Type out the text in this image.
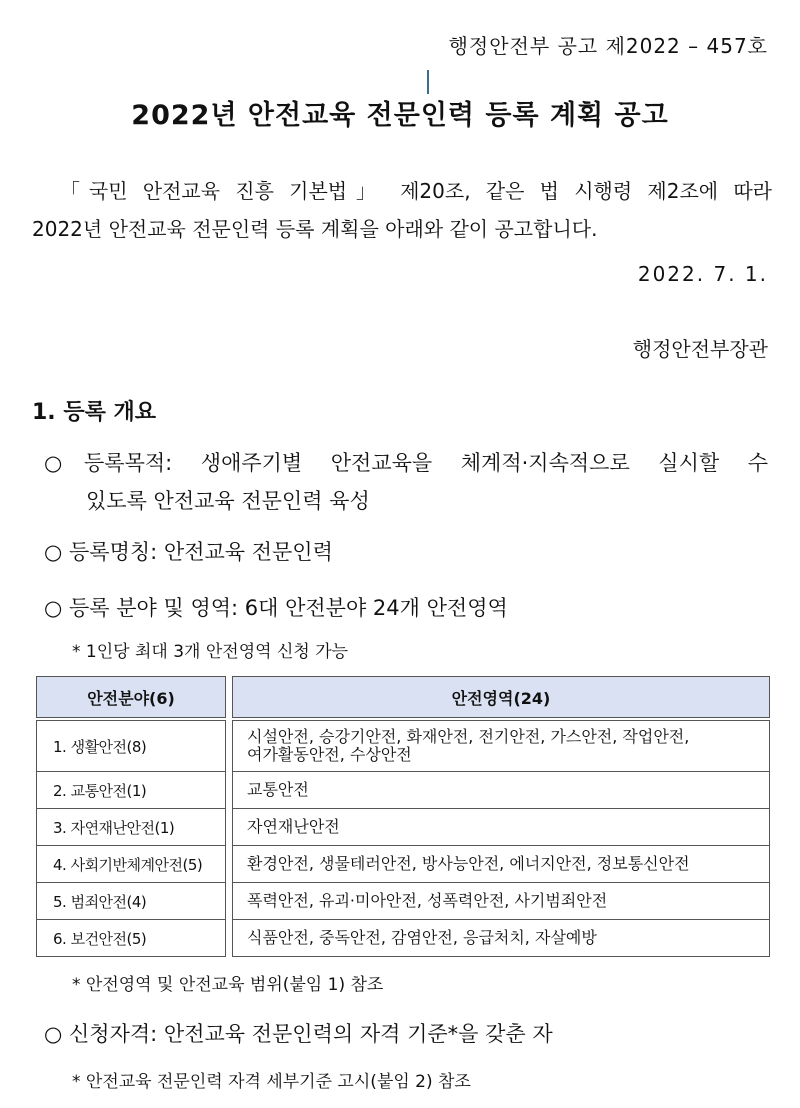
행정안전부 공고 제2022 – 457호
2022년 안전교육 전문인력 등록 계획 공고
「국민 안전교육 진흥 기본법」 제20조, 같은 법 시행령 제2조에 따라
2022년 안전교육 전문인력 등록 계획을 아래와 같이 공고합니다.
2022. 7. 1.
행정안전부장관
1. 등록 개요
○	등록목적: 생애주기별 안전교육을 체계적·지속적으로 실시할 수
있도록 안전교육 전문인력 육성
○ 등록명칭: 안전교육 전문인력
○ 등록 분야 및 영역: 6대 안전분야 24개 안전영역
* 1인당 최대 3개 안전영역 신청 가능
안전분야(6)	안전영역(24)
1. 생활안전(8)
2. 교통안전(1)
3. 자연재난안전(1)
4. 사회기반체계안전(5)
5. 범죄안전(4)
6. 보건안전(5)
시설안전, 승강기안전, 화재안전, 전기안전, 가스안전, 작업안전,
여가활동안전, 수상안전
교통안전
자연재난안전
환경안전, 생물테러안전, 방사능안전, 에너지안전, 정보통신안전
폭력안전, 유괴·미아안전, 성폭력안전, 사기범죄안전
식품안전, 중독안전, 감염안전, 응급처치, 자살예방
* 안전영역 및 안전교육 범위(붙임 1) 참조
○ 신청자격: 안전교육 전문인력의 자격 기준*을 갖춘 자
* 안전교육 전문인력 자격 세부기준 고시(붙임 2) 참조
